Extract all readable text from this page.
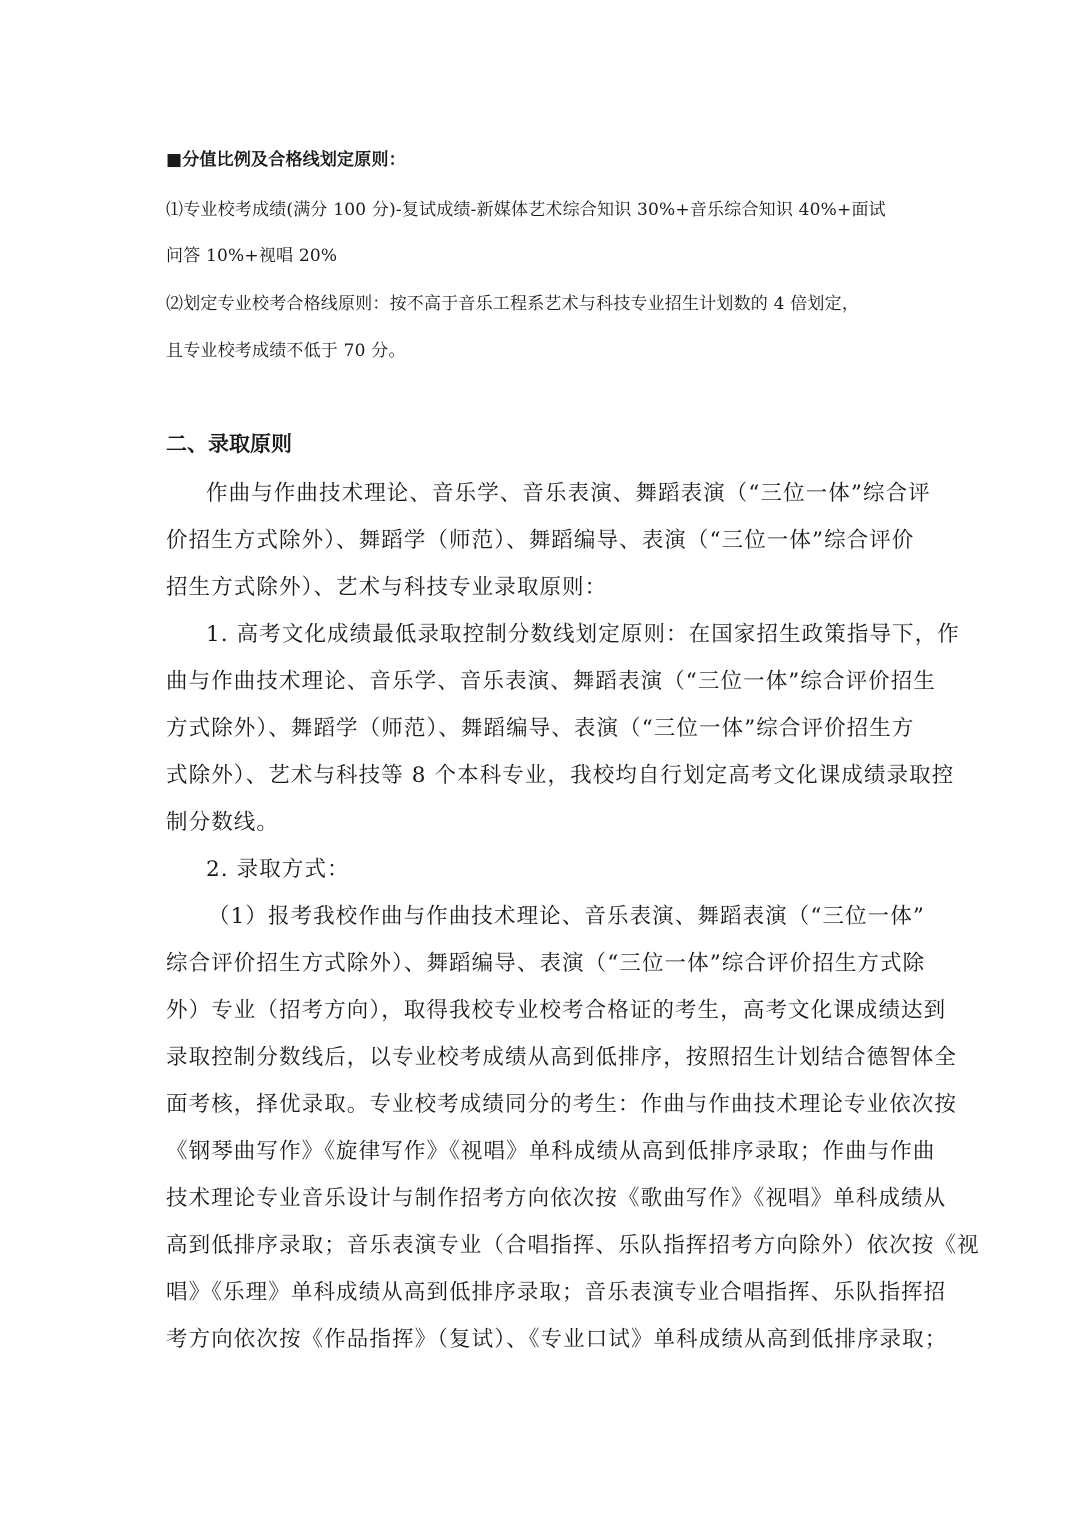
■分值比例及合格线划定原则：
⑴专业校考成绩(满分 100 分)-复试成绩-新媒体艺术综合知识 30%+音乐综合知识 40%+面试
问答 10%+视唱 20%
⑵划定专业校考合格线原则：按不高于音乐工程系艺术与科技专业招生计划数的 4 倍划定，
且专业校考成绩不低于 70 分。
二、录取原则
作曲与作曲技术理论、音乐学、音乐表演、舞蹈表演（“三位一体”综合评
价招生方式除外）、舞蹈学（师范）、舞蹈编导、表演（“三位一体”综合评价
招生方式除外）、艺术与科技专业录取原则：
1. 高考文化成绩最低录取控制分数线划定原则：在国家招生政策指导下，作
曲与作曲技术理论、音乐学、音乐表演、舞蹈表演（“三位一体”综合评价招生
方式除外）、舞蹈学（师范）、舞蹈编导、表演（“三位一体”综合评价招生方
式除外）、艺术与科技等 8 个本科专业，我校均自行划定高考文化课成绩录取控
制分数线。
2. 录取方式：
（1）报考我校作曲与作曲技术理论、音乐表演、舞蹈表演（“三位一体”
综合评价招生方式除外）、舞蹈编导、表演（“三位一体”综合评价招生方式除
外）专业（招考方向），取得我校专业校考合格证的考生，高考文化课成绩达到
录取控制分数线后，以专业校考成绩从高到低排序，按照招生计划结合德智体全
面考核，择优录取。专业校考成绩同分的考生：作曲与作曲技术理论专业依次按
《钢琴曲写作》《旋律写作》《视唱》单科成绩从高到低排序录取；作曲与作曲
技术理论专业音乐设计与制作招考方向依次按《歌曲写作》《视唱》单科成绩从
高到低排序录取；音乐表演专业（合唱指挥、乐队指挥招考方向除外）依次按《视
唱》《乐理》单科成绩从高到低排序录取；音乐表演专业合唱指挥、乐队指挥招
考方向依次按《作品指挥》（复试）、《专业口试》单科成绩从高到低排序录取；
